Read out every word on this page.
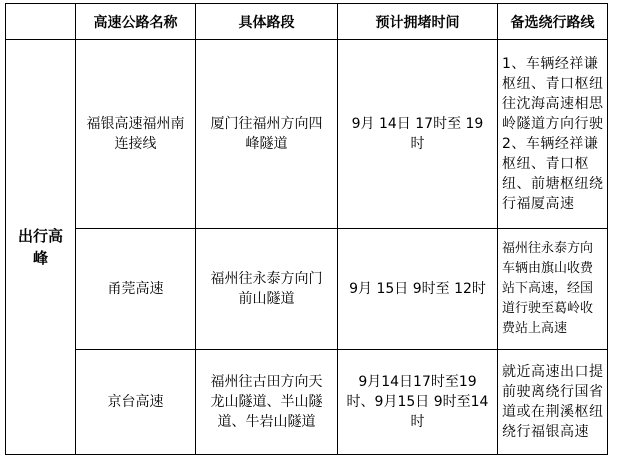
	高速公路名称	具体路段	预计拥堵时间	备选绕行路线
出行高峰	福银高速福州南连接线	厦门往福州方向四峰隧道	9月 14日 17时至 19时	1、车辆经祥谦枢纽、青口枢纽往沈海高速相思岭隧道方向行驶
2、车辆经祥谦枢纽、青口枢纽、前塘枢纽绕行福厦高速
	甬莞高速	福州往永泰方向门前山隧道	9月 15日 9时至 12时	福州往永泰方向车辆由旗山收费站下高速，经国道行驶至葛岭收费站上高速
	京台高速	福州往古田方向天龙山隧道、半山隧道、牛岩山隧道	9月14日17时至19时、9月15日 9时至14时	就近高速出口提前驶离绕行国省道或在荆溪枢纽绕行福银高速
